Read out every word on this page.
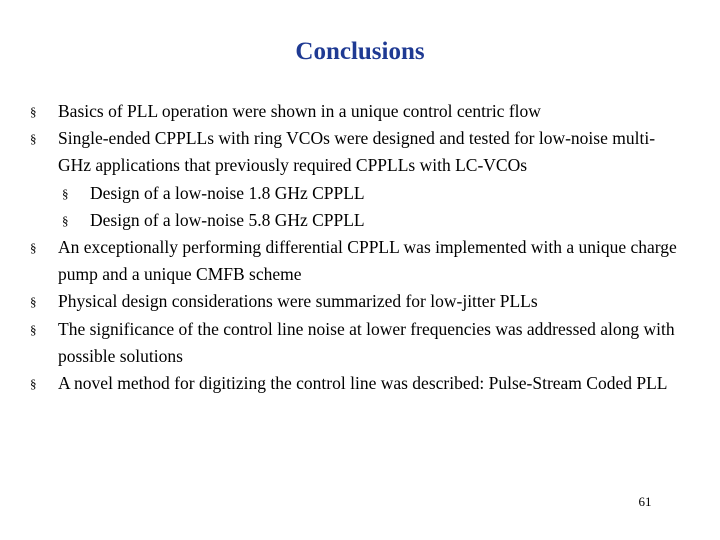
Conclusions
§	Basics of PLL operation were shown in a unique control centric flow
§	Single-ended CPPLLs with ring VCOs were designed and tested for low-noise multi-GHz applications that previously required CPPLLs with LC-VCOs
§	Design of a low-noise 1.8 GHz CPPLL
§	Design of a low-noise 5.8 GHz CPPLL
§	An exceptionally performing differential CPPLL was implemented with a unique charge pump and a unique CMFB scheme
§	Physical design considerations were summarized for low-jitter PLLs
§	The significance of the control line noise at lower frequencies was addressed along with possible solutions
§	A novel method for digitizing the control line was described: Pulse-Stream Coded PLL
61
